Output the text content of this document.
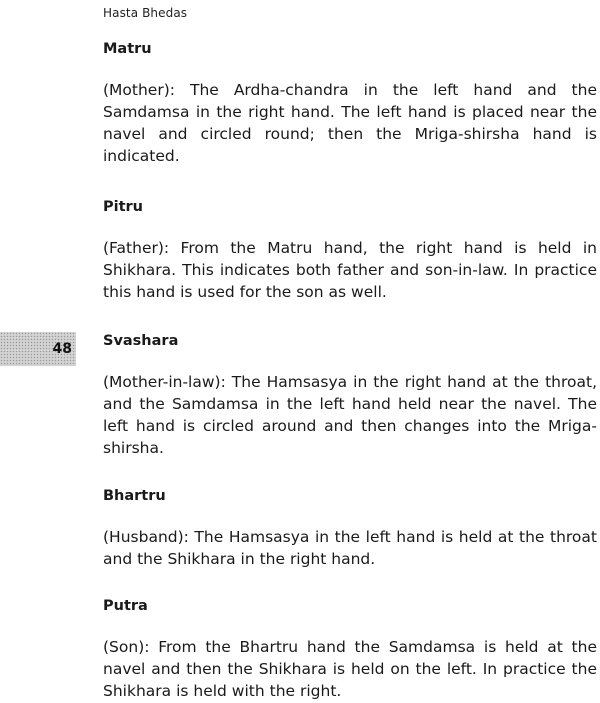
Hasta Bhedas
48
Matru

(Mother): The Ardha-chandra in the left hand and the Samdamsa in the right hand. The left hand is placed near the navel and circled round; then the Mriga-shirsha hand is indicated.

Pitru

(Father): From the Matru hand, the right hand is held in Shikhara. This indicates both father and son-in-law. In practice this hand is used for the son as well.

Svashara

(Mother-in-law): The Hamsasya in the right hand at the throat, and the Samdamsa in the left hand held near the navel. The left hand is circled around and then changes into the Mriga-shirsha.

Bhartru

(Husband): The Hamsasya in the left hand is held at the throat and the Shikhara in the right hand.

Putra

(Son): From the Bhartru hand the Samdamsa is held at the navel and then the Shikhara is held on the left. In practice the Shikhara is held with the right.
